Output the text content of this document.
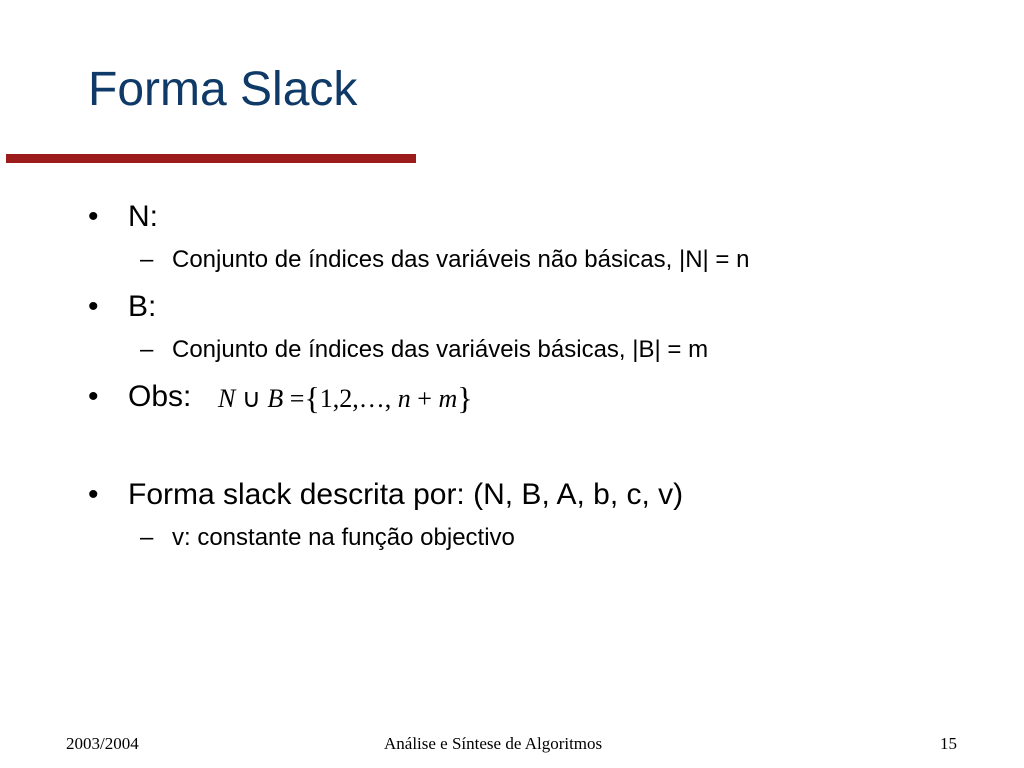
Forma Slack
• N:
– Conjunto de índices das variáveis não básicas, |N| = n
• B:
– Conjunto de índices das variáveis básicas, |B| = m
• Obs: N ∪ B ={1,2,…, n + m}
• Forma slack descrita por: (N, B, A, b, c, v)
– v: constante na função objectivo
2003/2004	Análise e Síntese de Algoritmos	15
